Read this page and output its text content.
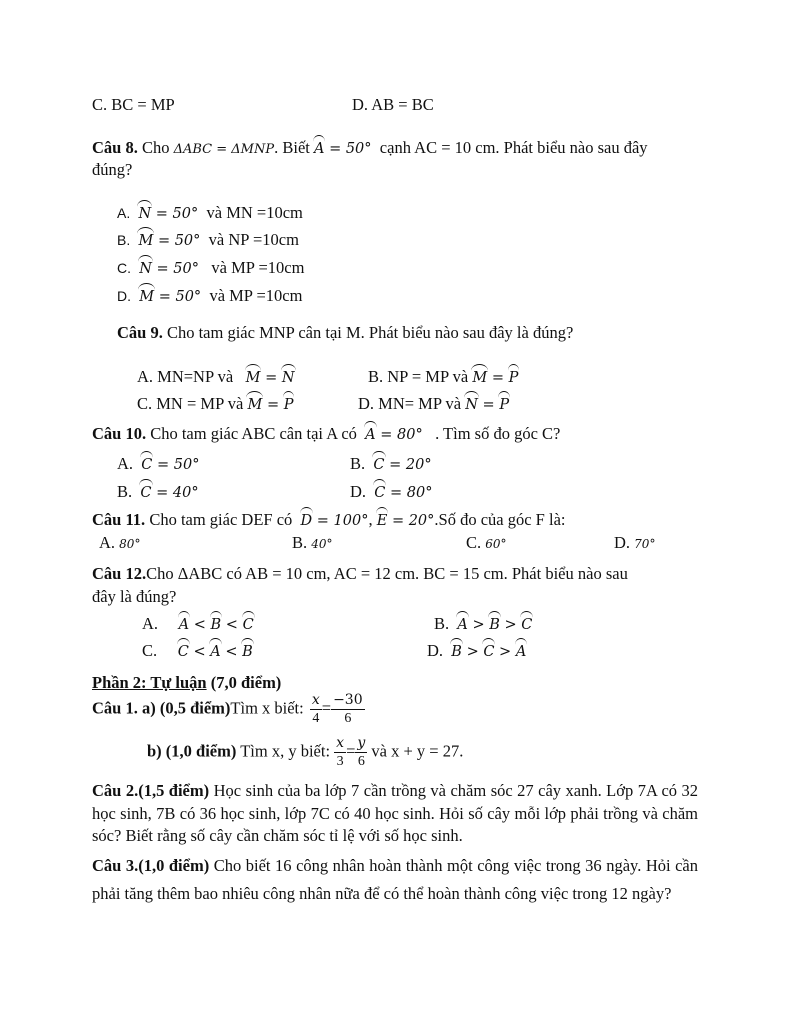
C. BC = MP	D. AB = BC
Câu 8. Cho ΔABC = ΔMNP. Biết A = 50° cạnh AC = 10 cm. Phát biểu nào sau đây
đúng?
A. N = 50° và MN =10cm
B. M = 50° và NP =10cm
C. N = 50° và MP =10cm
D. M = 50° và MP =10cm
Câu 9. Cho tam giác MNP cân tại M. Phát biểu nào sau đây là đúng?
A. MN=NP và M = N	B. NP = MP và M = P
C. MN = MP và M = P	D. MN= MP và N = P
Câu 10. Cho tam giác ABC cân tại A có A = 80° . Tìm số đo góc C?
A. C = 50°	B. C = 20°
B. C = 40°	D. C = 80°
Câu 11. Cho tam giác DEF có D = 100°, E = 20°.Số đo của góc F là:
A. 80°	B. 40°	C. 60°	D. 70°
Câu 12.Cho ΔABC có AB = 10 cm, AC = 12 cm. BC = 15 cm. Phát biểu nào sau
đây là đúng?
A. A < B < C	B. A > B > C
C. C < A < B	D. B > C > A
Phần 2: Tự luận (7,0 điểm)
Câu 1. a) (0,5 điểm)Tìm x biết: $\frac{x}{4} = \frac{-30}{6}$
b) (1,0 điểm) Tìm x, y biết: $\frac{x}{3} = \frac{y}{6}$ và x + y = 27.
Câu 2.(1,5 điểm) Học sinh của ba lớp 7 cần trồng và chăm sóc 27 cây xanh. Lớp 7A có 32 học sinh, 7B có 36 học sinh, lớp 7C có 40 học sinh. Hỏi số cây mỗi lớp phải trồng và chăm sóc? Biết rằng số cây cần chăm sóc tỉ lệ với số học sinh.
Câu 3.(1,0 điểm) Cho biết 16 công nhân hoàn thành một công việc trong 36 ngày. Hỏi cần phải tăng thêm bao nhiêu công nhân nữa để có thể hoàn thành công việc trong 12 ngày?
